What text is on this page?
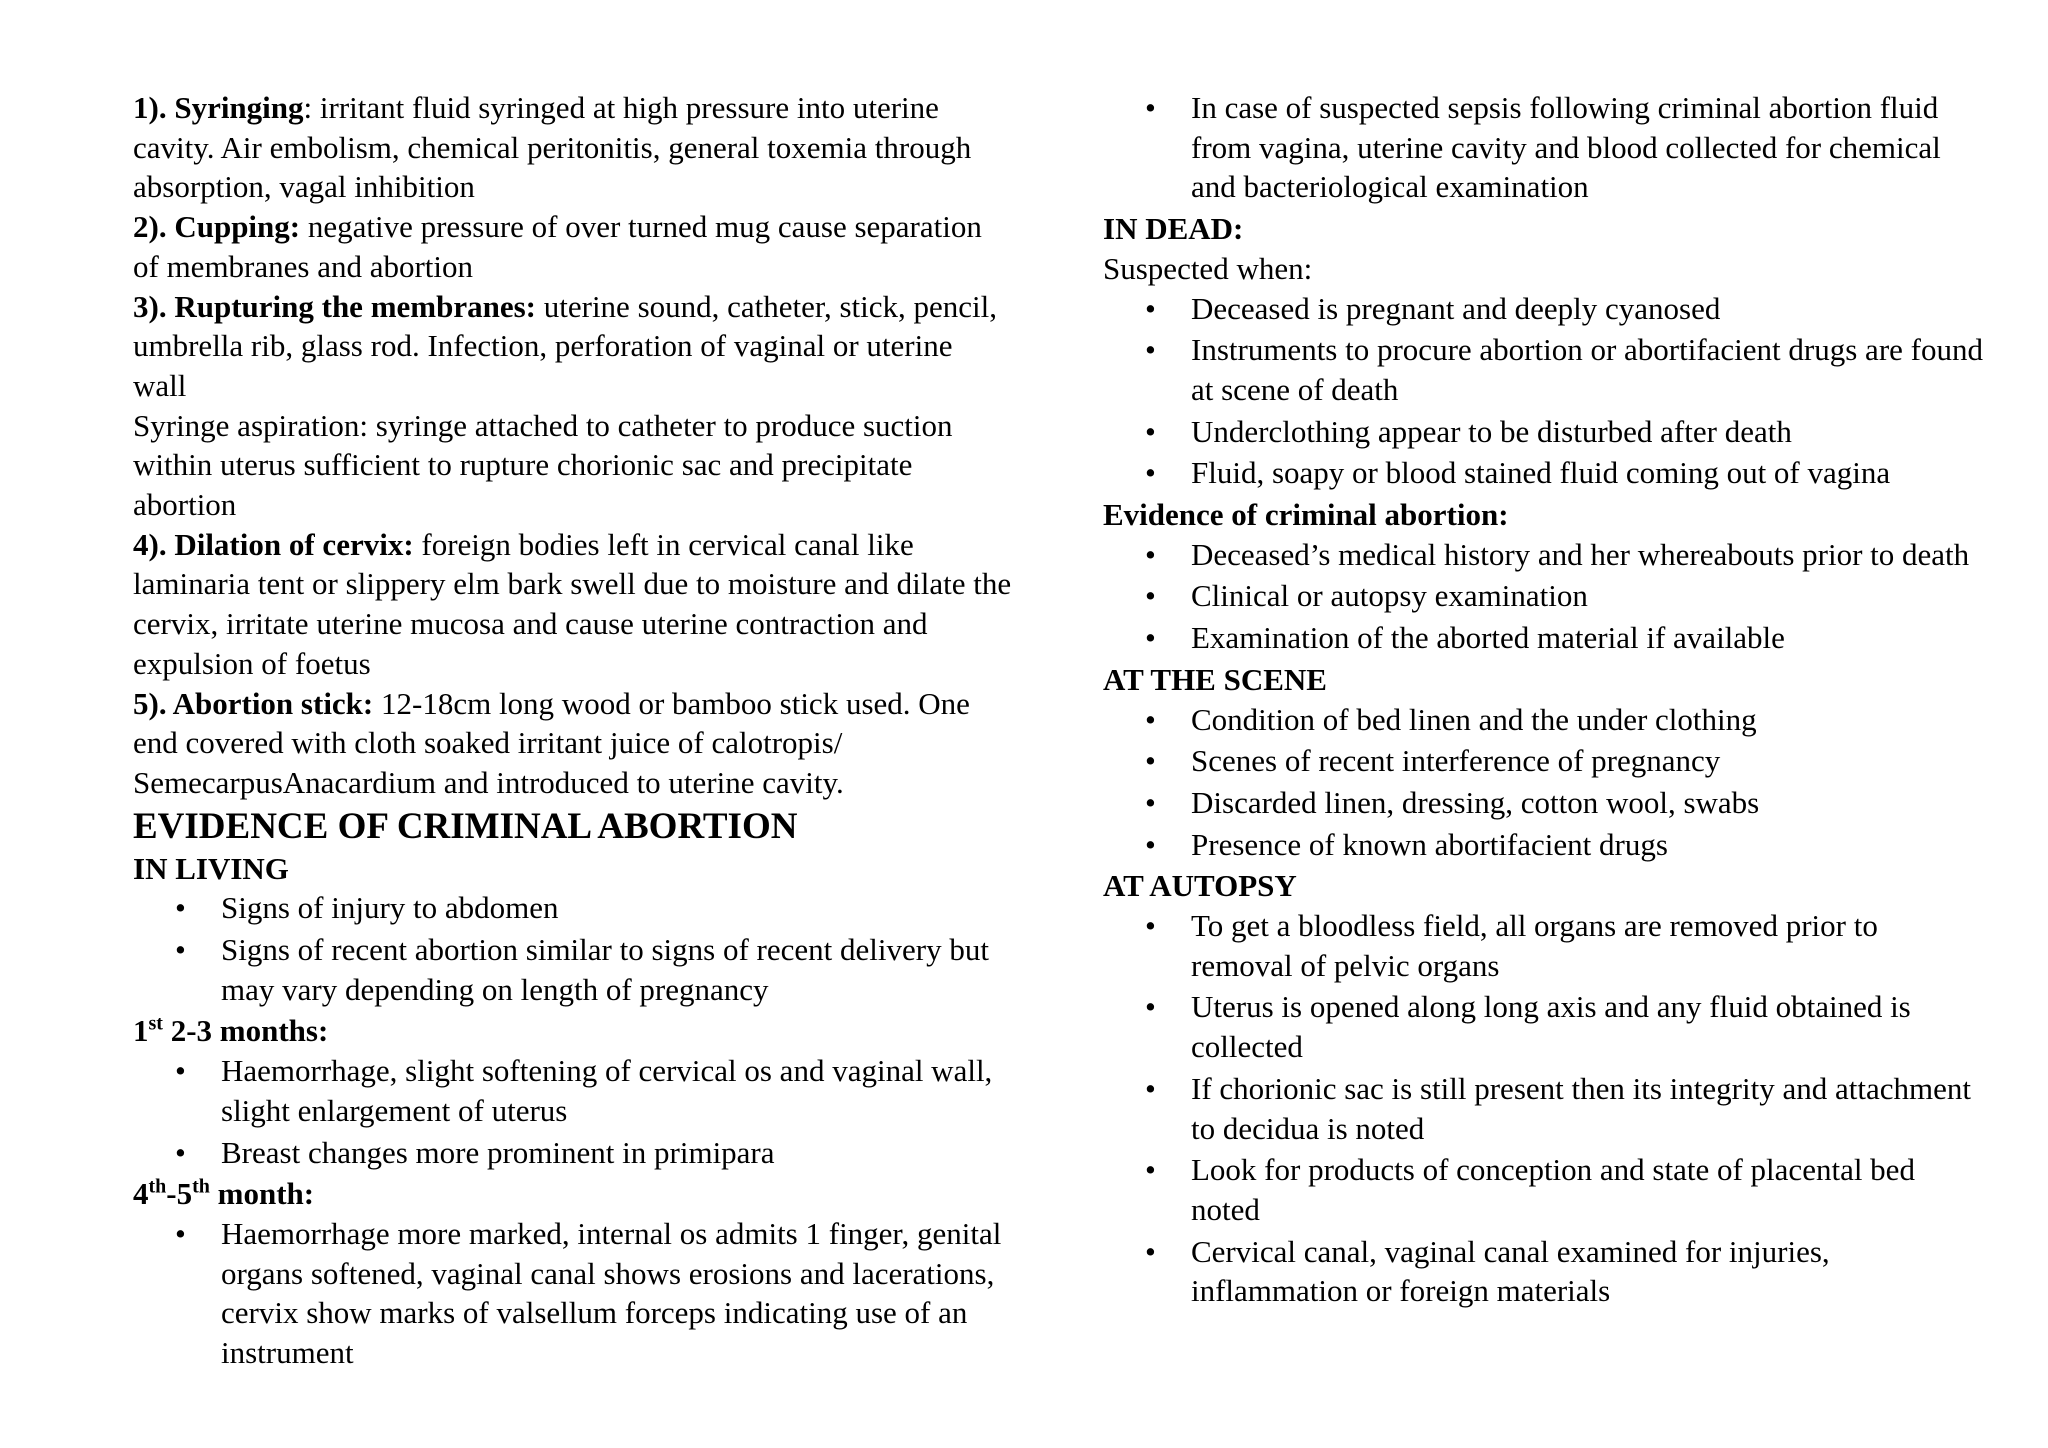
1). Syringing: irritant fluid syringed at high pressure into uterine cavity. Air embolism, chemical peritonitis, general toxemia through absorption, vagal inhibition

2). Cupping: negative pressure of over turned mug cause separation of membranes and abortion

3). Rupturing the membranes: uterine sound, catheter, stick, pencil, umbrella rib, glass rod. Infection, perforation of vaginal or uterine wall

Syringe aspiration: syringe attached to catheter to produce suction within uterus sufficient to rupture chorionic sac and precipitate abortion

4). Dilation of cervix: foreign bodies left in cervical canal like laminaria tent or slippery elm bark swell due to moisture and dilate the cervix, irritate uterine mucosa and cause uterine contraction and expulsion of foetus

5). Abortion stick: 12-18cm long wood or bamboo stick used. One end covered with cloth soaked irritant juice of calotropis/ SemecarpusAnacardium and introduced to uterine cavity.

EVIDENCE OF CRIMINAL ABORTION

IN LIVING

• Signs of injury to abdomen
• Signs of recent abortion similar to signs of recent delivery but may vary depending on length of pregnancy

1st 2-3 months:

• Haemorrhage, slight softening of cervical os and vaginal wall, slight enlargement of uterus
• Breast changes more prominent in primipara

4th-5th month:

• Haemorrhage more marked, internal os admits 1 finger, genital organs softened, vaginal canal shows erosions and lacerations, cervix show marks of valsellum forceps indicating use of an instrument
• In case of suspected sepsis following criminal abortion fluid from vagina, uterine cavity and blood collected for chemical and bacteriological examination

IN DEAD:

Suspected when:

• Deceased is pregnant and deeply cyanosed
• Instruments to procure abortion or abortifacient drugs are found at scene of death
• Underclothing appear to be disturbed after death
• Fluid, soapy or blood stained fluid coming out of vagina

Evidence of criminal abortion:

• Deceased’s medical history and her whereabouts prior to death
• Clinical or autopsy examination
• Examination of the aborted material if available

AT THE SCENE

• Condition of bed linen and the under clothing
• Scenes of recent interference of pregnancy
• Discarded linen, dressing, cotton wool, swabs
• Presence of known abortifacient drugs

AT AUTOPSY

• To get a bloodless field, all organs are removed prior to removal of pelvic organs
• Uterus is opened along long axis and any fluid obtained is collected
• If chorionic sac is still present then its integrity and attachment to decidua is noted
• Look for products of conception and state of placental bed noted
• Cervical canal, vaginal canal examined for injuries, inflammation or foreign materials
